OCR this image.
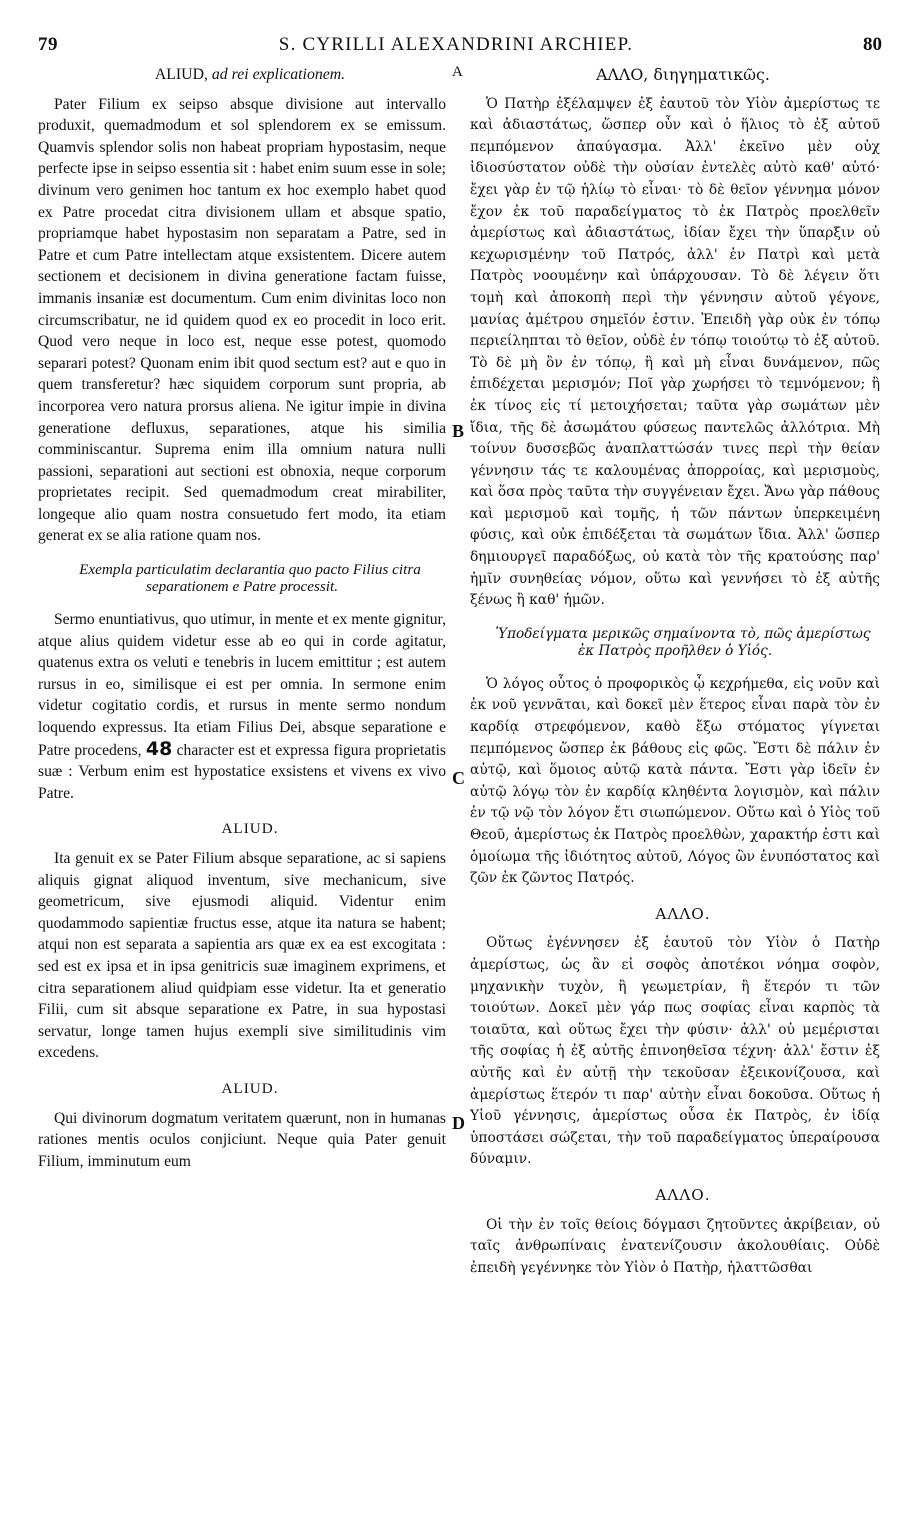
79	S. CYRILLI ALEXANDRINI ARCHIEP.	80
A
B
C
D

ALIUD, ad rei explicationem.

Pater Filium ex seipso absque divisione aut intervallo produxit, quemadmodum et sol splendorem ex se emissum. Quamvis splendor solis non habeat propriam hypostasim, neque perfecte ipse in seipso essentia sit : habet enim suum esse in sole; divinum vero genimen hoc tantum ex hoc exemplo habet quod ex Patre procedat citra divisionem ullam et absque spatio, propriamque habet hypostasim non separatam a Patre, sed in Patre et cum Patre intellectam atque exsistentem. Dicere autem sectionem et decisionem in divina generatione factam fuisse, immanis insaniæ est documentum. Cum enim divinitas loco non circumscribatur, ne id quidem quod ex eo procedit in loco erit. Quod vero neque in loco est, neque esse potest, quomodo separari potest? Quonam enim ibit quod sectum est? aut e quo in quem transferetur? hæc siquidem corporum sunt propria, ab incorporea vero natura prorsus aliena. Ne igitur impie in divina generatione defluxus, separationes, atque his similia comminiscantur. Suprema enim illa omnium natura nulli passioni, separationi aut sectioni est obnoxia, neque corporum proprietates recipit. Sed quemadmodum creat mirabiliter, longeque alio quam nostra consuetudo fert modo, ita etiam generat ex se alia ratione quam nos.

Exempla particulatim declarantia quo pacto Filius citra separationem e Patre processit.

Sermo enuntiativus, quo utimur, in mente et ex mente gignitur, atque alius quidem videtur esse ab eo qui in corde agitatur, quatenus extra os veluti e tenebris in lucem emittitur ; est autem rursus in eo, similisque ei est per omnia. In sermone enim videtur cogitatio cordis, et rursus in mente sermo nondum loquendo expressus. Ita etiam Filius Dei, absque separatione e Patre procedens, 48 character est et expressa figura proprietatis suæ : Verbum enim est hypostatice exsistens et vivens ex vivo Patre.

ALIUD.

Ita genuit ex se Pater Filium absque separatione, ac si sapiens aliquis gignat aliquod inventum, sive mechanicum, sive geometricum, sive ejusmodi aliquid. Videntur enim quodammodo sapientiæ fructus esse, atque ita natura se habent; atqui non est separata a sapientia ars quæ ex ea est excogitata : sed est ex ipsa et in ipsa genitricis suæ imaginem exprimens, et citra separationem aliud quidpiam esse videtur. Ita et generatio Filii, cum sit absque separatione ex Patre, in sua hypostasi servatur, longe tamen hujus exempli sive similitudinis vim excedens.

ALIUD.

Qui divinorum dogmatum veritatem quærunt, non in humanas rationes mentis oculos conjiciunt. Neque quia Pater genuit Filium, imminutum eum

ΑΛΛΟ, διηγηματικῶς.

Ὁ Πατὴρ ἐξέλαμψεν ἐξ ἑαυτοῦ τὸν Υἱὸν ἀμερίστως τε καὶ ἀδιαστάτως, ὥσπερ οὖν καὶ ὁ ἥλιος τὸ ἐξ αὐτοῦ πεμπόμενον ἀπαύγασμα. Ἀλλ' ἐκεῖνο μὲν οὐχ ἰδιοσύστατον οὐδὲ τὴν οὐσίαν ἐντελὲς αὐτὸ καθ' αὑτό· ἔχει γὰρ ἐν τῷ ἡλίῳ τὸ εἶναι· τὸ δὲ θεῖον γέννημα μόνον ἔχον ἐκ τοῦ παραδείγματος τὸ ἐκ Πατρὸς προελθεῖν ἀμερίστως καὶ ἀδιαστάτως, ἰδίαν ἔχει τὴν ὕπαρξιν οὐ κεχωρισμένην τοῦ Πατρός, ἀλλ' ἐν Πατρὶ καὶ μετὰ Πατρὸς νοουμένην καὶ ὑπάρχουσαν. Τὸ δὲ λέγειν ὅτι τομὴ καὶ ἀποκοπὴ περὶ τὴν γέννησιν αὐτοῦ γέγονε, μανίας ἀμέτρου σημεῖόν ἐστιν. Ἐπειδὴ γὰρ οὐκ ἐν τόπῳ περιείληπται τὸ θεῖον, οὐδὲ ἐν τόπῳ τοιούτῳ τὸ ἐξ αὐτοῦ. Τὸ δὲ μὴ ὂν ἐν τόπῳ, ἢ καὶ μὴ εἶναι δυνάμενον, πῶς ἐπιδέχεται μερισμόν; Ποῖ γὰρ χωρήσει τὸ τεμνόμενον; ἢ ἐκ τίνος εἰς τί μετοιχήσεται; ταῦτα γὰρ σωμάτων μὲν ἴδια, τῆς δὲ ἀσωμάτου φύσεως παντελῶς ἀλλότρια. Μὴ τοίνυν δυσσεβῶς ἀναπλαττώσάν τινες περὶ τὴν θείαν γέννησιν τάς τε καλουμένας ἀπορροίας, καὶ μερισμοὺς, καὶ ὅσα πρὸς ταῦτα τὴν συγγένειαν ἔχει. Ἄνω γὰρ πάθους καὶ μερισμοῦ καὶ τομῆς, ἡ τῶν πάντων ὑπερκειμένη φύσις, καὶ οὐκ ἐπιδέξεται τὰ σωμάτων ἴδια. Ἀλλ' ὥσπερ δημιουργεῖ παραδόξως, οὐ κατὰ τὸν τῆς κρατούσης παρ' ἡμῖν συνηθείας νόμον, οὕτω καὶ γεννήσει τὸ ἐξ αὐτῆς ξένως ἢ καθ' ἡμῶν.

Ὑποδείγματα μερικῶς σημαίνοντα τὸ, πῶς ἀμερίστως ἐκ Πατρὸς προῆλθεν ὁ Υἱός.

Ὁ λόγος οὗτος ὁ προφορικὸς ᾧ κεχρήμεθα, εἰς νοῦν καὶ ἐκ νοῦ γεννᾶται, καὶ δοκεῖ μὲν ἕτερος εἶναι παρὰ τὸν ἐν καρδίᾳ στρεφόμενον, καθὸ ἔξω στόματος γίγνεται πεμπόμενος ὥσπερ ἐκ βάθους εἰς φῶς. Ἔστι δὲ πάλιν ἐν αὐτῷ, καὶ ὅμοιος αὐτῷ κατὰ πάντα. Ἔστι γὰρ ἰδεῖν ἐν αὐτῷ λόγῳ τὸν ἐν καρδίᾳ κληθέντα λογισμὸν, καὶ πάλιν ἐν τῷ νῷ τὸν λόγον ἔτι σιωπώμενον. Οὕτω καὶ ὁ Υἱὸς τοῦ Θεοῦ, ἀμερίστως ἐκ Πατρὸς προελθὼν, χαρακτήρ ἐστι καὶ ὁμοίωμα τῆς ἰδιότητος αὐτοῦ, Λόγος ὢν ἐνυπόστατος καὶ ζῶν ἐκ ζῶντος Πατρός.

ΑΛΛΟ.

Οὕτως ἐγέννησεν ἐξ ἑαυτοῦ τὸν Υἱὸν ὁ Πατὴρ ἀμερίστως, ὡς ἂν εἰ σοφὸς ἀποτέκοι νόημα σοφὸν, μηχανικὴν τυχὸν, ἢ γεωμετρίαν, ἢ ἕτερόν τι τῶν τοιούτων. Δοκεῖ μὲν γάρ πως σοφίας εἶναι καρπὸς τὰ τοιαῦτα, καὶ οὕτως ἔχει τὴν φύσιν· ἀλλ' οὐ μεμέρισται τῆς σοφίας ἡ ἐξ αὐτῆς ἐπινοηθεῖσα τέχνη· ἀλλ' ἔστιν ἐξ αὐτῆς καὶ ἐν αὐτῇ τὴν τεκοῦσαν ἐξεικονίζουσα, καὶ ἀμερίστως ἕτερόν τι παρ' αὐτὴν εἶναι δοκοῦσα. Οὕτως ἡ Υἱοῦ γέννησις, ἀμερίστως οὖσα ἐκ Πατρὸς, ἐν ἰδίᾳ ὑποστάσει σώζεται, τὴν τοῦ παραδείγματος ὑπεραίρουσα δύναμιν.

ΑΛΛΟ.

Οἱ τὴν ἐν τοῖς θείοις δόγμασι ζητοῦντες ἀκρίβειαν, οὐ ταῖς ἀνθρωπίναις ἐνατενίζουσιν ἀκολουθίαις. Οὐδὲ ἐπειδὴ γεγέννηκε τὸν Υἱὸν ὁ Πατὴρ, ἠλαττῶσθαι
